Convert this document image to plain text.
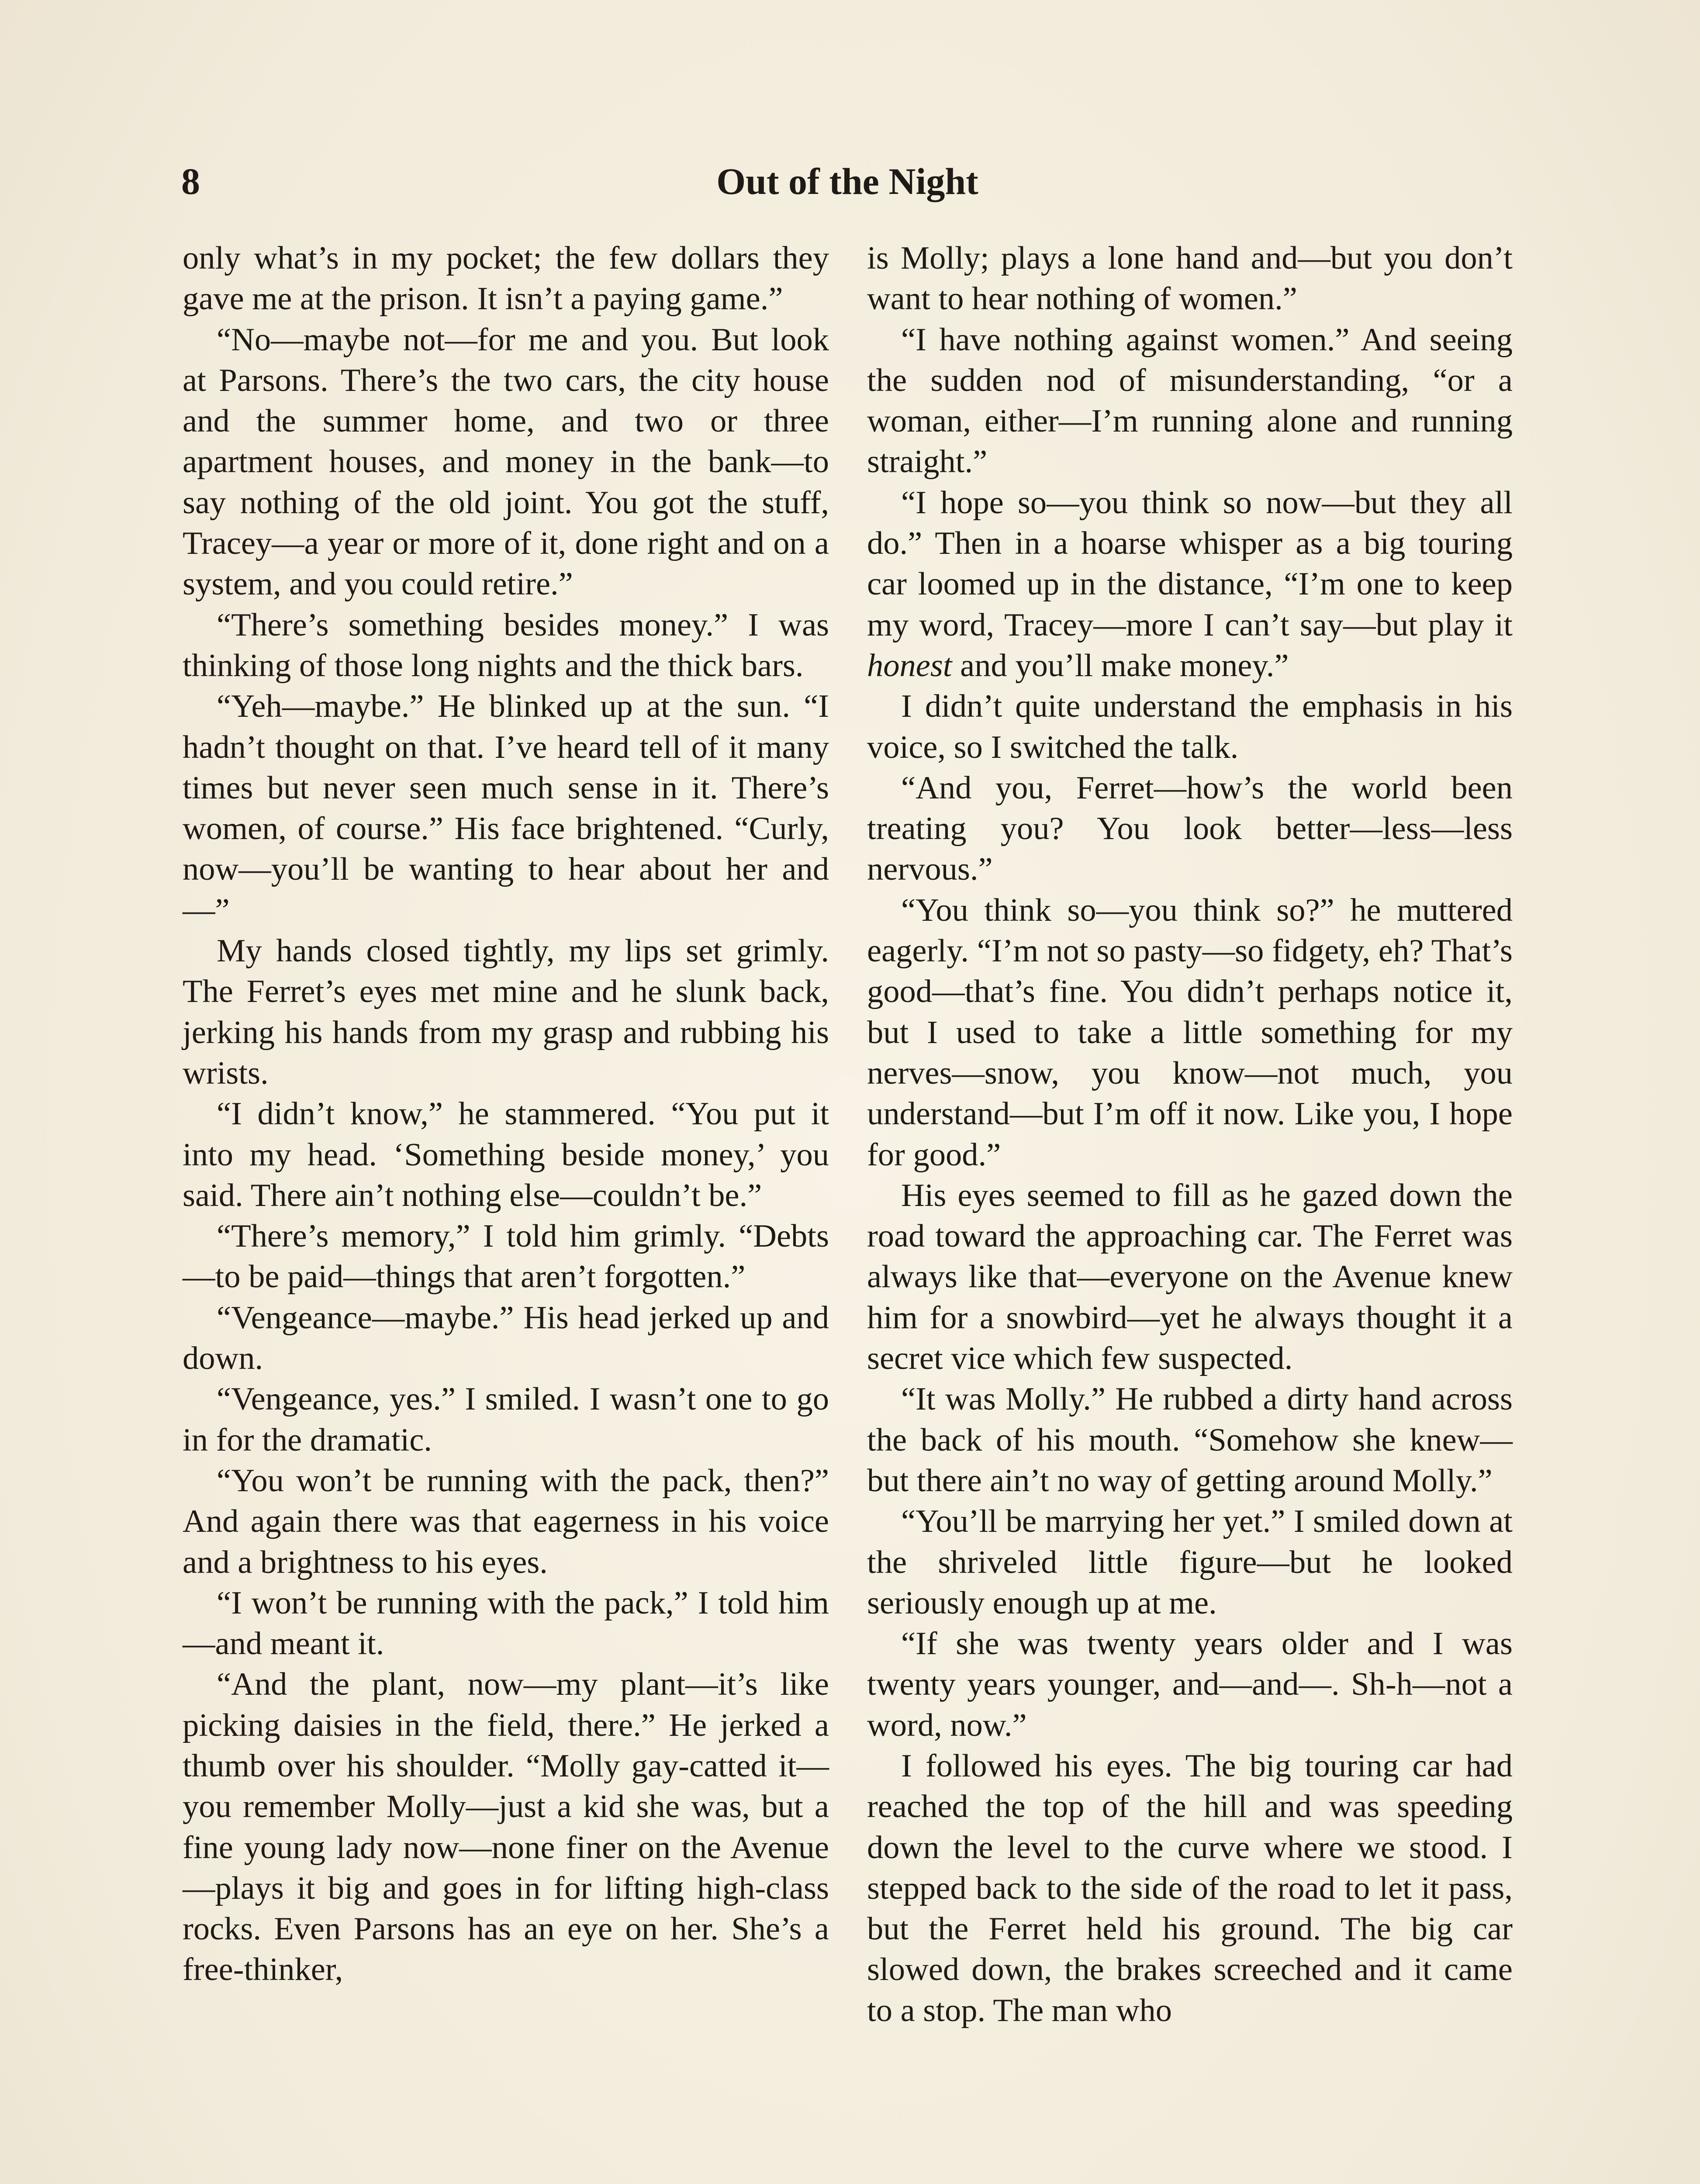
8	Out of the Night

only what’s in my pocket; the few dollars they gave me at the prison. It isn’t a paying game.”

“No—maybe not—for me and you. But look at Parsons. There’s the two cars, the city house and the summer home, and two or three apartment houses, and money in the bank—to say nothing of the old joint. You got the stuff, Tracey—a year or more of it, done right and on a system, and you could retire.”

“There’s something besides money.” I was thinking of those long nights and the thick bars.

“Yeh—maybe.” He blinked up at the sun. “I hadn’t thought on that. I’ve heard tell of it many times but never seen much sense in it. There’s women, of course.” His face brightened. “Curly, now—you’ll be wanting to hear about her and—”

My hands closed tightly, my lips set grimly. The Ferret’s eyes met mine and he slunk back, jerking his hands from my grasp and rubbing his wrists.

“I didn’t know,” he stammered. “You put it into my head. ‘Something beside money,’ you said. There ain’t nothing else—couldn’t be.”

“There’s memory,” I told him grimly. “Debts—to be paid—things that aren’t forgotten.”

“Vengeance—maybe.” His head jerked up and down.

“Vengeance, yes.” I smiled. I wasn’t one to go in for the dramatic.

“You won’t be running with the pack, then?” And again there was that eagerness in his voice and a brightness to his eyes.

“I won’t be running with the pack,” I told him—and meant it.

“And the plant, now—my plant—it’s like picking daisies in the field, there.” He jerked a thumb over his shoulder. “Molly gay-catted it—you remember Molly—just a kid she was, but a fine young lady now—none finer on the Avenue—plays it big and goes in for lifting high-class rocks. Even Parsons has an eye on her. She’s a free-thinker,

is Molly; plays a lone hand and—but you don’t want to hear nothing of women.”

“I have nothing against women.” And seeing the sudden nod of misunderstanding, “or a woman, either—I’m running alone and running straight.”

“I hope so—you think so now—but they all do.” Then in a hoarse whisper as a big touring car loomed up in the distance, “I’m one to keep my word, Tracey—more I can’t say—but play it honest and you’ll make money.”

I didn’t quite understand the emphasis in his voice, so I switched the talk.

“And you, Ferret—how’s the world been treating you? You look better—less—less nervous.”

“You think so—you think so?” he muttered eagerly. “I’m not so pasty—so fidgety, eh? That’s good—that’s fine. You didn’t perhaps notice it, but I used to take a little something for my nerves—snow, you know—not much, you understand—but I’m off it now. Like you, I hope for good.”

His eyes seemed to fill as he gazed down the road toward the approaching car. The Ferret was always like that—everyone on the Avenue knew him for a snowbird—yet he always thought it a secret vice which few suspected.

“It was Molly.” He rubbed a dirty hand across the back of his mouth. “Somehow she knew—but there ain’t no way of getting around Molly.”

“You’ll be marrying her yet.” I smiled down at the shriveled little figure—but he looked seriously enough up at me.

“If she was twenty years older and I was twenty years younger, and—and—. Sh-h—not a word, now.”

I followed his eyes. The big touring car had reached the top of the hill and was speeding down the level to the curve where we stood. I stepped back to the side of the road to let it pass, but the Ferret held his ground. The big car slowed down, the brakes screeched and it came to a stop. The man who
